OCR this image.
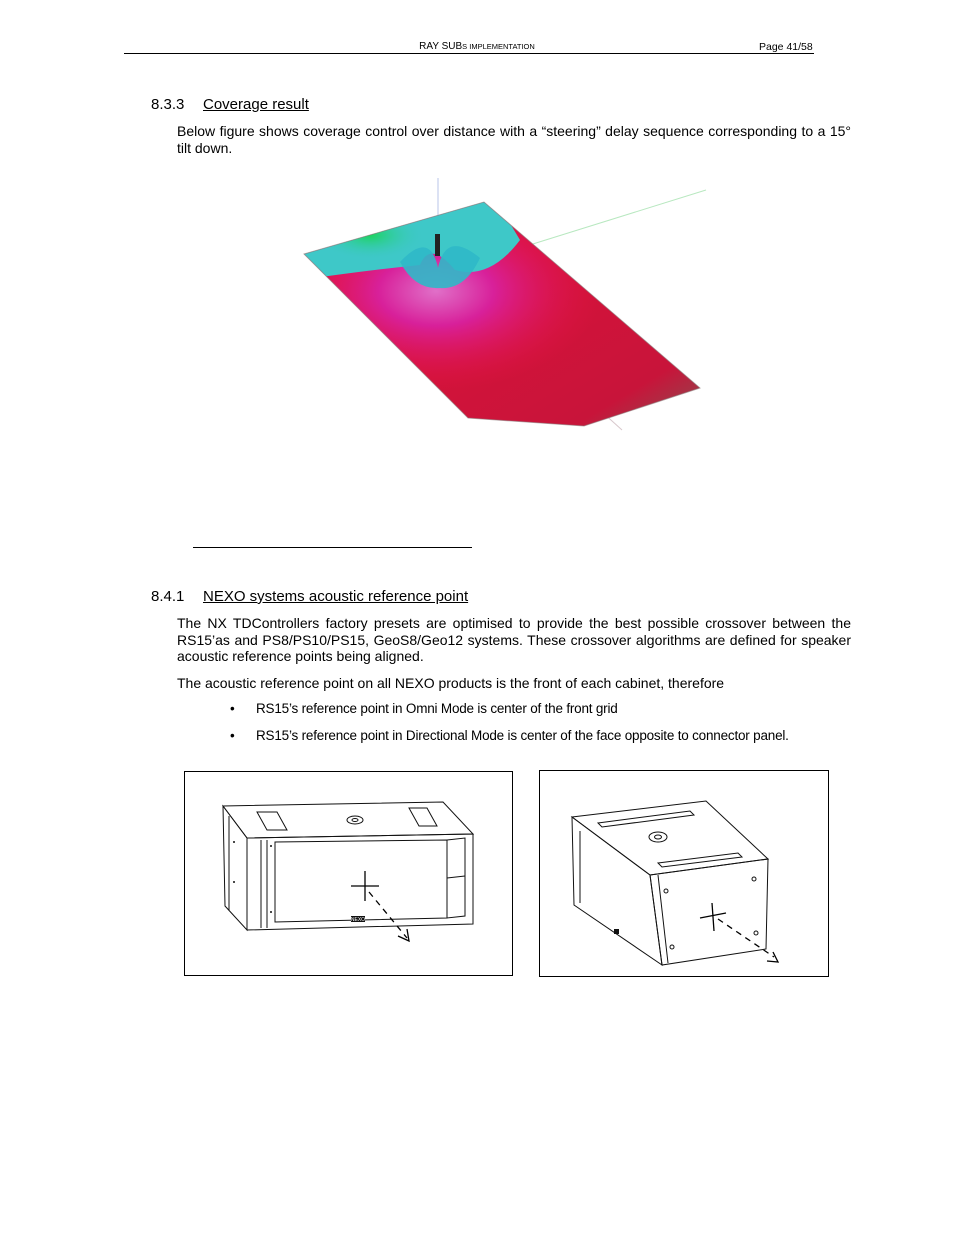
RAY SUBS IMPLEMENTATION	Page 41/58
8.3.3 Coverage result
Below figure shows coverage control over distance with a “steering” delay sequence corresponding to a 15° tilt down.
8.4.1 NEXO systems acoustic reference point
The NX TDControllers factory presets are optimised to provide the best possible crossover between the RS15’as and PS8/PS10/PS15, GeoS8/Geo12 systems. These crossover algorithms are defined for speaker acoustic reference points being aligned.
The acoustic reference point on all NEXO products is the front of each cabinet, therefore
• RS15’s reference point in Omni Mode is center of the front grid
• RS15’s reference point in Directional Mode is center of the face opposite to connector panel.
NEXO
